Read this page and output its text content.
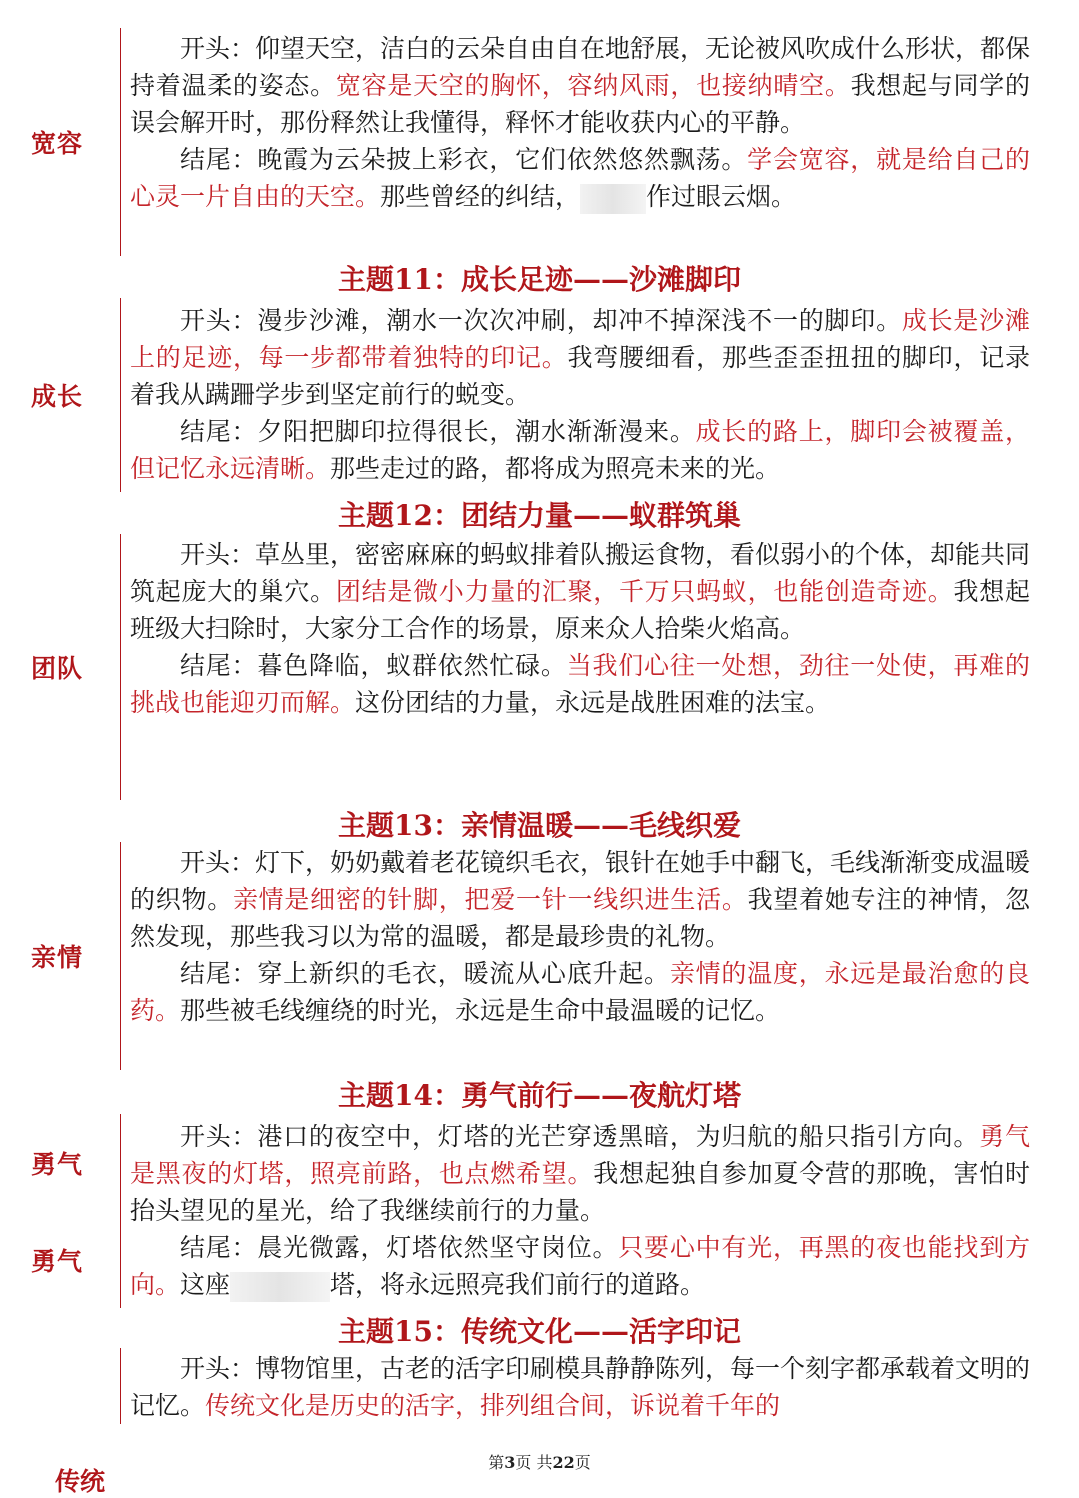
宽容

开头：仰望天空，洁白的云朵自由自在地舒展，无论被风吹成什么形状，都保持着温柔的姿态。宽容是天空的胸怀，容纳风雨，也接纳晴空。我想起与同学的误会解开时，那份释然让我懂得，释怀才能收获内心的平静。

结尾：晚霞为云朵披上彩衣，它们依然悠然飘荡。学会宽容，就是给自己的心灵一片自由的天空。那些曾经的纠结，	作过眼云烟。

主题11：成长足迹——沙滩脚印
成长

开头：漫步沙滩，潮水一次次冲刷，却冲不掉深浅不一的脚印。成长是沙滩上的足迹，每一步都带着独特的印记。我弯腰细看，那些歪歪扭扭的脚印，记录着我从蹒跚学步到坚定前行的蜕变。

结尾：夕阳把脚印拉得很长，潮水渐渐漫来。成长的路上，脚印会被覆盖，但记忆永远清晰。那些走过的路，都将成为照亮未来的光。

主题12：团结力量——蚁群筑巢
团队

开头：草丛里，密密麻麻的蚂蚁排着队搬运食物，看似弱小的个体，却能共同筑起庞大的巢穴。团结是微小力量的汇聚，千万只蚂蚁，也能创造奇迹。我想起班级大扫除时，大家分工合作的场景，原来众人拾柴火焰高。

结尾：暮色降临，蚁群依然忙碌。当我们心往一处想，劲往一处使，再难的挑战也能迎刃而解。这份团结的力量，永远是战胜困难的法宝。

主题13：亲情温暖——毛线织爱
亲情

开头：灯下，奶奶戴着老花镜织毛衣，银针在她手中翻飞，毛线渐渐变成温暖的织物。亲情是细密的针脚，把爱一针一线织进生活。我望着她专注的神情，忽然发现，那些我习以为常的温暖，都是最珍贵的礼物。

结尾：穿上新织的毛衣，暖流从心底升起。亲情的温度，永远是最治愈的良药。那些被毛线缠绕的时光，永远是生命中最温暖的记忆。

主题14：勇气前行——夜航灯塔
勇气
勇气

开头：港口的夜空中，灯塔的光芒穿透黑暗，为归航的船只指引方向。勇气是黑夜的灯塔，照亮前路，也点燃希望。我想起独自参加夏令营的那晚，害怕时抬头望见的星光，给了我继续前行的力量。

结尾：晨光微露，灯塔依然坚守岗位。只要心中有光，再黑的夜也能找到方向。这座	塔，将永远照亮我们前行的道路。

主题15：传统文化——活字印记

开头：博物馆里，古老的活字印刷模具静静陈列，每一个刻字都承载着文明的记忆。传统文化是历史的活字，排列组合间，诉说着千年的

第3页 共22页
传统
